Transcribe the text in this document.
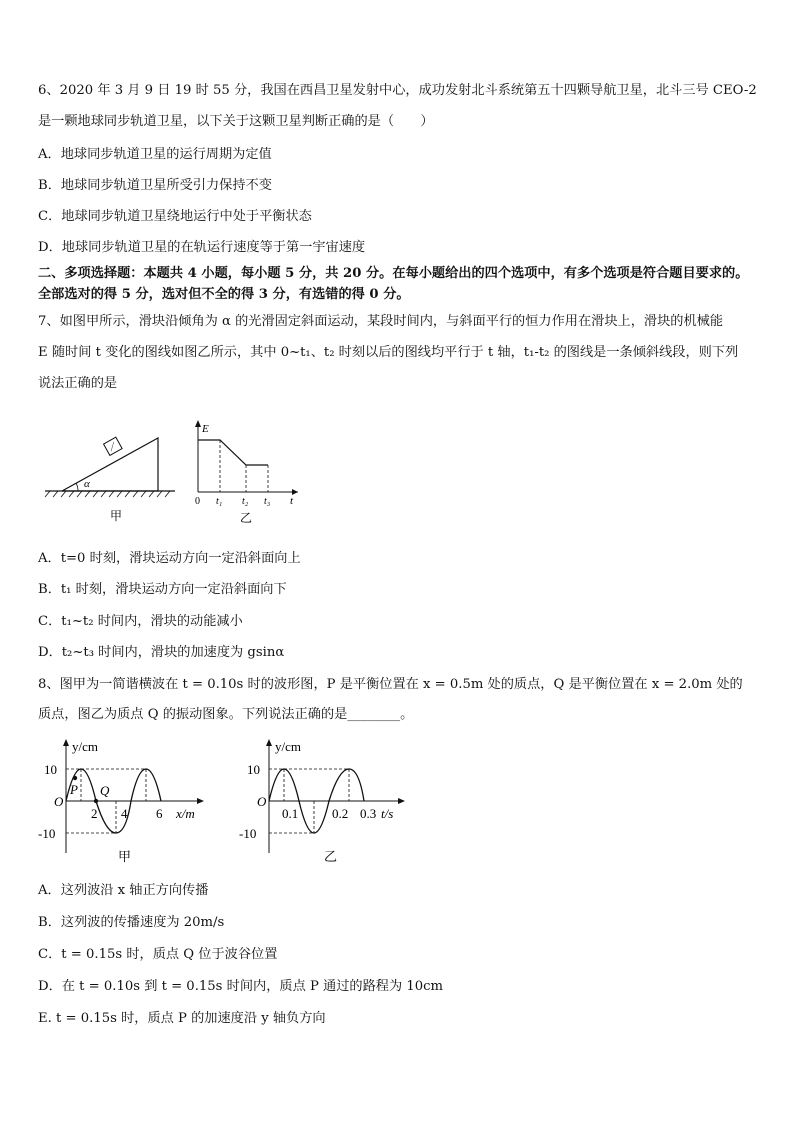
6、2020 年 3 月 9 日 19 时 55 分，我国在西昌卫星发射中心，成功发射北斗系统第五十四颗导航卫星，北斗三号 CEO-2
是一颗地球同步轨道卫星，以下关于这颗卫星判断正确的是（　　）
A．地球同步轨道卫星的运行周期为定值
B．地球同步轨道卫星所受引力保持不变
C．地球同步轨道卫星绕地运行中处于平衡状态
D．地球同步轨道卫星的在轨运行速度等于第一宇宙速度
二、多项选择题：本题共 4 小题，每小题 5 分，共 20 分。在每小题给出的四个选项中，有多个选项是符合题目要求的。
全部选对的得 5 分，选对但不全的得 3 分，有选错的得 0 分。
7、如图甲所示，滑块沿倾角为 α 的光滑固定斜面运动，某段时间内，与斜面平行的恒力作用在滑块上，滑块的机械能
E 随时间 t 变化的图线如图乙所示，其中 0~t₁、t₂ 时刻以后的图线均平行于 t 轴，t₁-t₂ 的图线是一条倾斜线段，则下列
说法正确的是
α
甲
E
t
0 t₁ t₂ t₃
乙
A．t=0 时刻，滑块运动方向一定沿斜面向上
B．t₁ 时刻，滑块运动方向一定沿斜面向下
C．t₁~t₂ 时间内，滑块的动能减小
D．t₂~t₃ 时间内，滑块的加速度为 gsinα
8、图甲为一简谐横波在 t = 0.10s 时的波形图，P 是平衡位置在 x = 0.5m 处的质点，Q 是平衡位置在 x = 2.0m 处的
质点，图乙为质点 Q 的振动图象。下列说法正确的是________。
y/cm
10
-10
O
2 4 6 x/m
P Q
甲
y/cm
10
-10
O
0.1	0.2 0.3 t/s
乙
A．这列波沿 x 轴正方向传播
B．这列波的传播速度为 20m/s
C．t = 0.15s 时，质点 Q 位于波谷位置
D．在 t = 0.10s 到 t = 0.15s 时间内，质点 P 通过的路程为 10cm
E. t = 0.15s 时，质点 P 的加速度沿 y 轴负方向
